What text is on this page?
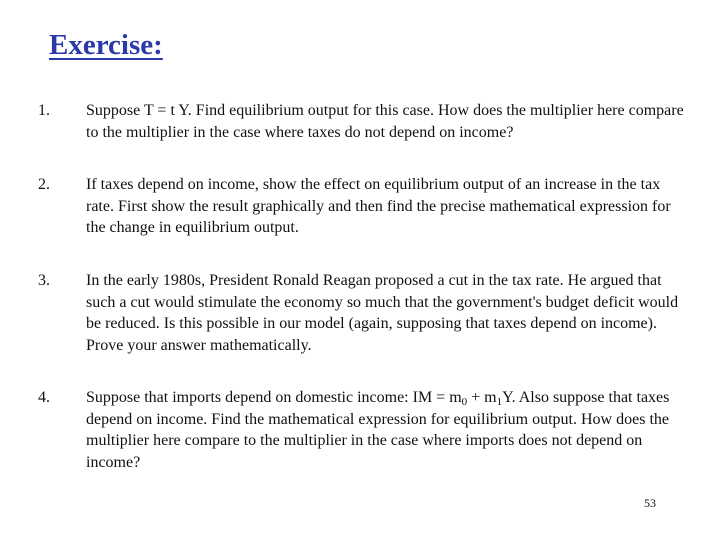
Exercise:
1. Suppose T = t Y. Find equilibrium output for this case. How does the multiplier here compare to the multiplier in the case where taxes do not depend on income?
2. If taxes depend on income, show the effect on equilibrium output of an increase in the tax rate. First show the result graphically and then find the precise mathematical expression for the change in equilibrium output.
3. In the early 1980s, President Ronald Reagan proposed a cut in the tax rate. He argued that such a cut would stimulate the economy so much that the government's budget deficit would be reduced. Is this possible in our model (again, supposing that taxes depend on income). Prove your answer mathematically.
4. Suppose that imports depend on domestic income: IM = $m_0 + m_1Y$. Also suppose that taxes depend on income. Find the mathematical expression for equilibrium output. How does the multiplier here compare to the multiplier in the case where imports does not depend on income?
53
